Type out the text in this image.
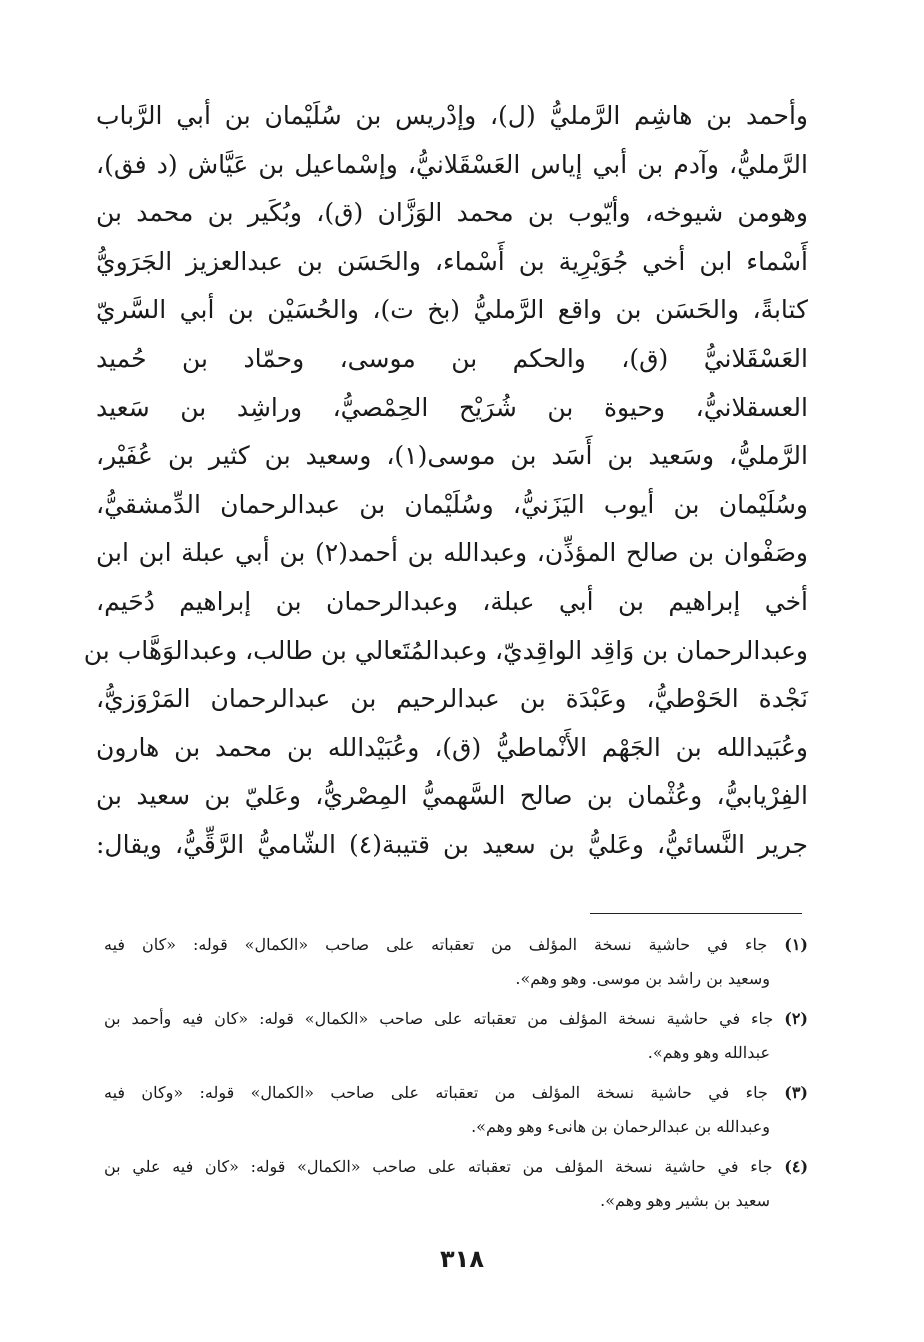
وأحمد بن هاشِم الرَّمليُّ (ل)، وإدْريس بن سُلَيْمان بن أبي الرَّباب
الرَّمليُّ، وآدم بن أبي إياس العَسْقَلانيُّ، وإسْماعيل بن عَيَّاش (د فق)،
وهومن شيوخه، وأيّوب بن محمد الوَزَّان (ق)، وبُكَير بن محمد بن
أَسْماء ابن أخي جُوَيْرِية بن أَسْماء، والحَسَن بن عبدالعزيز الجَرَويُّ
كتابةً، والحَسَن بن واقع الرَّمليُّ (بخ ت)، والحُسَيْن بن أبي السَّريّ
العَسْقَلانيُّ (ق)، والحكم بن موسى، وحمّاد بن حُميد
العسقلانيُّ، وحيوة بن شُرَيْح الحِمْصيُّ، وراشِد بن سَعيد
الرَّمليُّ، وسَعيد بن أَسَد بن موسى(١)، وسعيد بن كثير بن عُفَيْر،
وسُلَيْمان بن أيوب اليَزَنيُّ، وسُلَيْمان بن عبدالرحمان الدِّمشقيُّ،
وصَفْوان بن صالح المؤذِّن، وعبدالله بن أحمد(٢) بن أبي عبلة ابن ابن
أخي إبراهيم بن أبي عبلة، وعبدالرحمان بن إبراهيم دُحَيم،
وعبدالرحمان بن وَاقِد الواقِديّ، وعبدالمُتَعالي بن طالب، وعبدالوَهَّاب بن
نَجْدة الحَوْطيُّ، وعَبْدَة بن عبدالرحيم بن عبدالرحمان المَرْوَزيُّ،
وعُبَيدالله بن الجَهْم الأَنْماطيُّ (ق)، وعُبَيْدالله بن محمد بن هارون
الفِرْيابيُّ، وعُثْمان بن صالح السَّهميُّ المِصْريُّ، وعَليّ بن سعيد بن
جرير النَّسائيُّ، وعَليُّ بن سعيد بن قتيبة(٤) الشّاميُّ الرَّقِّيُّ، ويقال:
(١) جاء في حاشية نسخة المؤلف من تعقباته على صاحب «الكمال» قوله: «كان فيه
وسعيد بن راشد بن موسى. وهو وهم».
(٢) جاء في حاشية نسخة المؤلف من تعقباته على صاحب «الكمال» قوله: «كان فيه وأحمد بن
عبدالله وهو وهم».
(٣) جاء في حاشية نسخة المؤلف من تعقباته على صاحب «الكمال» قوله: «وكان فيه
وعبدالله بن عبدالرحمان بن هانىء وهو وهم».
(٤) جاء في حاشية نسخة المؤلف من تعقباته على صاحب «الكمال» قوله: «كان فيه علي بن
سعيد بن بشير وهو وهم».
٣١٨
